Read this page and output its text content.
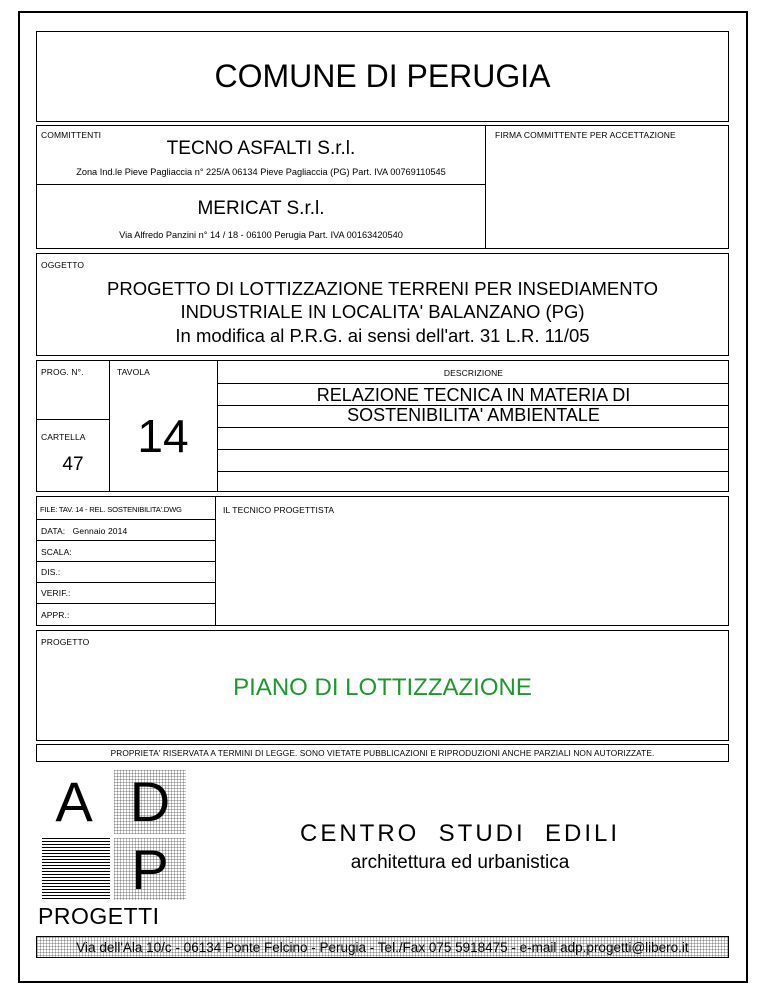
COMUNE DI PERUGIA
COMMITTENTI
TECNO ASFALTI S.r.l.
Zona Ind.le Pieve Pagliaccia n° 225/A 06134 Pieve Pagliaccia (PG) Part. IVA 00769110545
MERICAT S.r.l.
Via Alfredo Panzini n° 14 / 18 - 06100 Perugia Part. IVA 00163420540
FIRMA COMMITTENTE PER ACCETTAZIONE
OGGETTO
PROGETTO DI LOTTIZZAZIONE TERRENI PER INSEDIAMENTO
INDUSTRIALE IN LOCALITA' BALANZANO (PG)
In modifica al P.R.G. ai sensi dell'art. 31 L.R. 11/05
PROG. N°.
CARTELLA
47
TAVOLA
14
DESCRIZIONE
RELAZIONE TECNICA IN MATERIA DI
SOSTENIBILITA' AMBIENTALE
FILE: TAV. 14 - REL. SOSTENIBILITA'.DWG
DATA: Gennaio 2014
SCALA:
DIS.:
VERIF.:
APPR.:
IL TECNICO PROGETTISTA
PROGETTO
PIANO DI LOTTIZZAZIONE
PROPRIETA' RISERVATA A TERMINI DI LEGGE. SONO VIETATE PUBBLICAZIONI E RIPRODUZIONI ANCHE PARZIALI NON AUTORIZZATE.
A D
P
PROGETTI
CENTRO  STUDI  EDILI
architettura ed urbanistica
Via dell'Ala 10/c - 06134 Ponte Felcino - Perugia - Tel./Fax 075 5918475 - e-mail adp.progetti@libero.it
